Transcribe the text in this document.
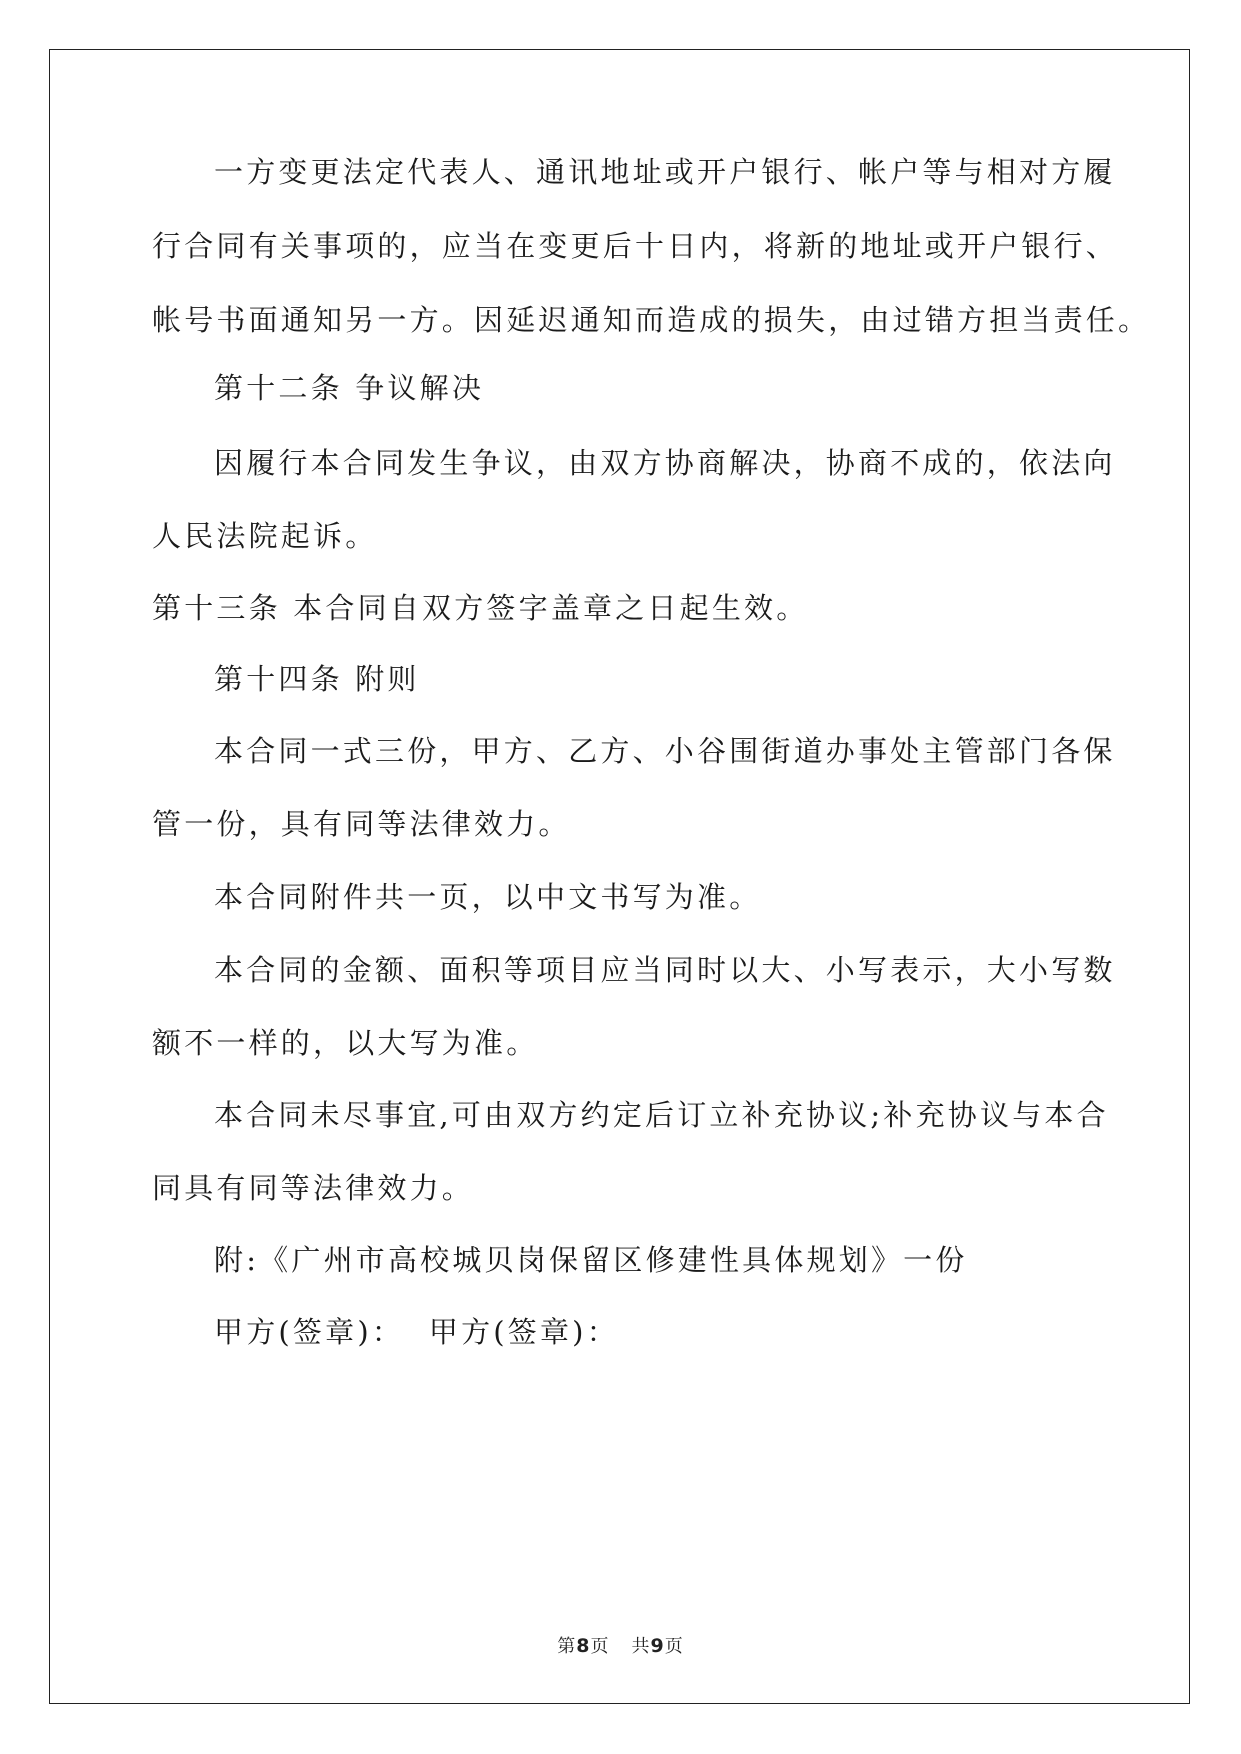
一方变更法定代表人、通讯地址或开户银行、帐户等与相对方履
行合同有关事项的，应当在变更后十日内，将新的地址或开户银行、
帐号书面通知另一方。因延迟通知而造成的损失，由过错方担当责任。
第十二条 争议解决
因履行本合同发生争议，由双方协商解决，协商不成的，依法向
人民法院起诉。
第十三条 本合同自双方签字盖章之日起生效。
第十四条 附则
本合同一式三份，甲方、乙方、小谷围街道办事处主管部门各保
管一份，具有同等法律效力。
本合同附件共一页，以中文书写为准。
本合同的金额、面积等项目应当同时以大、小写表示，大小写数
额不一样的，以大写为准。
本合同未尽事宜,可由双方约定后订立补充协议;补充协议与本合
同具有同等法律效力。
附:《广州市高校城贝岗保留区修建性具体规划》一份
甲方(签章)：  甲方(签章)：
第8页 共9页
